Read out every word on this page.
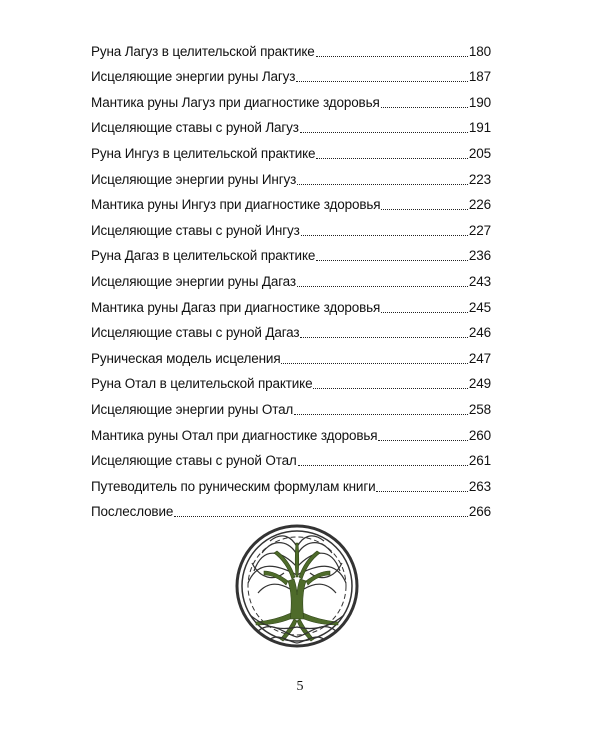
Руна Лагуз в целительской практике	180
Исцеляющие энергии руны Лагуз	187
Мантика руны Лагуз при диагностике здоровья	190
Исцеляющие ставы с руной Лагуз	191
Руна Ингуз в целительской практике	205
Исцеляющие энергии руны Ингуз	223
Мантика руны Ингуз при диагностике здоровья	226
Исцеляющие ставы с руной Ингуз	227
Руна Дагаз в целительской практике	236
Исцеляющие энергии руны Дагаз	243
Мантика руны Дагаз при диагностике здоровья	245
Исцеляющие ставы с руной Дагаз	246
Руническая модель исцеления	247
Руна Отал в целительской практике	249
Исцеляющие энергии руны Отал	258
Мантика руны Отал при диагностике здоровья	260
Исцеляющие ставы с руной Отал	261
Путеводитель по руническим формулам книги	263
Послесловие	266
5
